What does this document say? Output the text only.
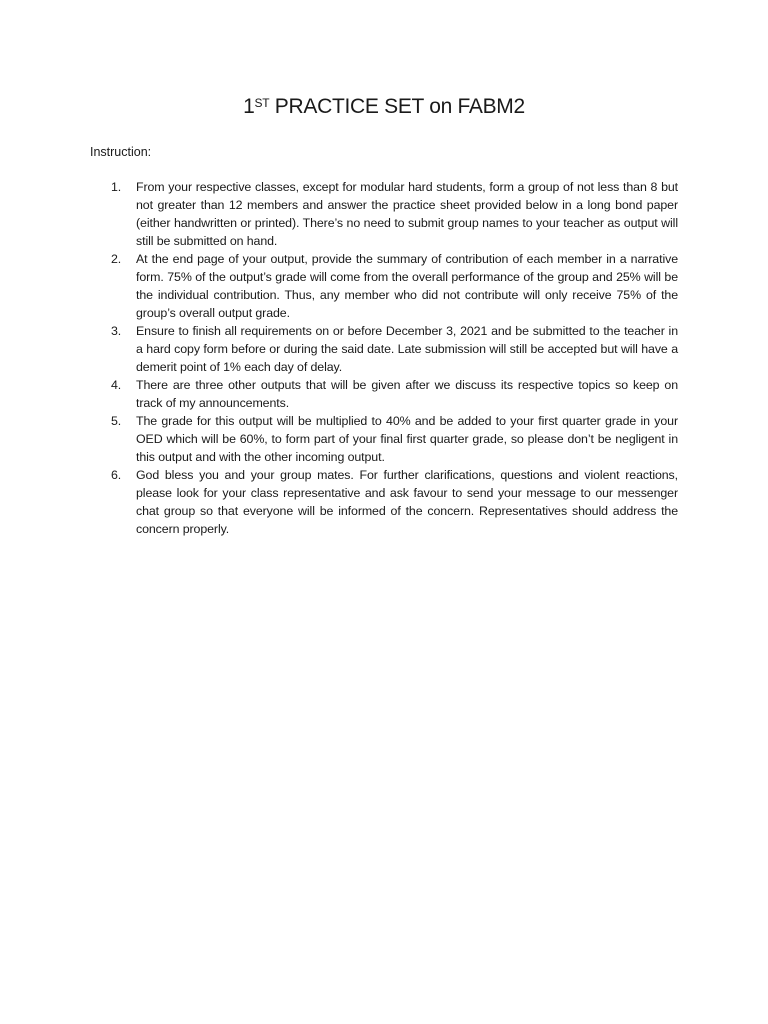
1ST PRACTICE SET on FABM2

Instruction:

1. From your respective classes, except for modular hard students, form a group of not less than 8 but not greater than 12 members and answer the practice sheet provided below in a long bond paper (either handwritten or printed). There’s no need to submit group names to your teacher as output will still be submitted on hand.
2. At the end page of your output, provide the summary of contribution of each member in a narrative form. 75% of the output’s grade will come from the overall performance of the group and 25% will be the individual contribution. Thus, any member who did not contribute will only receive 75% of the group’s overall output grade.
3. Ensure to finish all requirements on or before December 3, 2021 and be submitted to the teacher in a hard copy form before or during the said date. Late submission will still be accepted but will have a demerit point of 1% each day of delay.
4. There are three other outputs that will be given after we discuss its respective topics so keep on track of my announcements.
5. The grade for this output will be multiplied to 40% and be added to your first quarter grade in your OED which will be 60%, to form part of your final first quarter grade, so please don’t be negligent in this output and with the other incoming output.
6. God bless you and your group mates. For further clarifications, questions and violent reactions, please look for your class representative and ask favour to send your message to our messenger chat group so that everyone will be informed of the concern. Representatives should address the concern properly.
